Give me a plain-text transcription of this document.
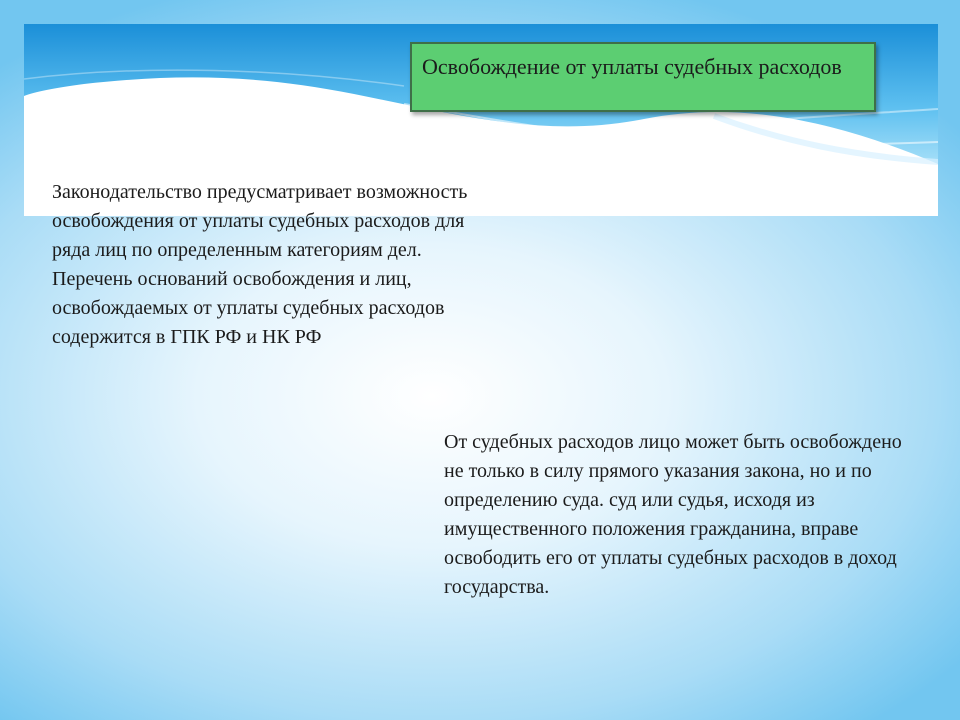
Освобождение от уплаты судебных расходов
Законодательство предусматривает возможность освобождения от уплаты судебных расходов для ряда лиц по определенным категориям дел. Перечень оснований освобождения и лиц, освобождаемых от уплаты судебных расходов содержится в ГПК РФ и НК РФ
От судебных расходов лицо может быть освобождено не только в силу прямого указания закона, но и по определению суда. суд или судья, исходя из имущественного положения гражданина, вправе освободить его от уплаты судебных расходов в доход государства.
